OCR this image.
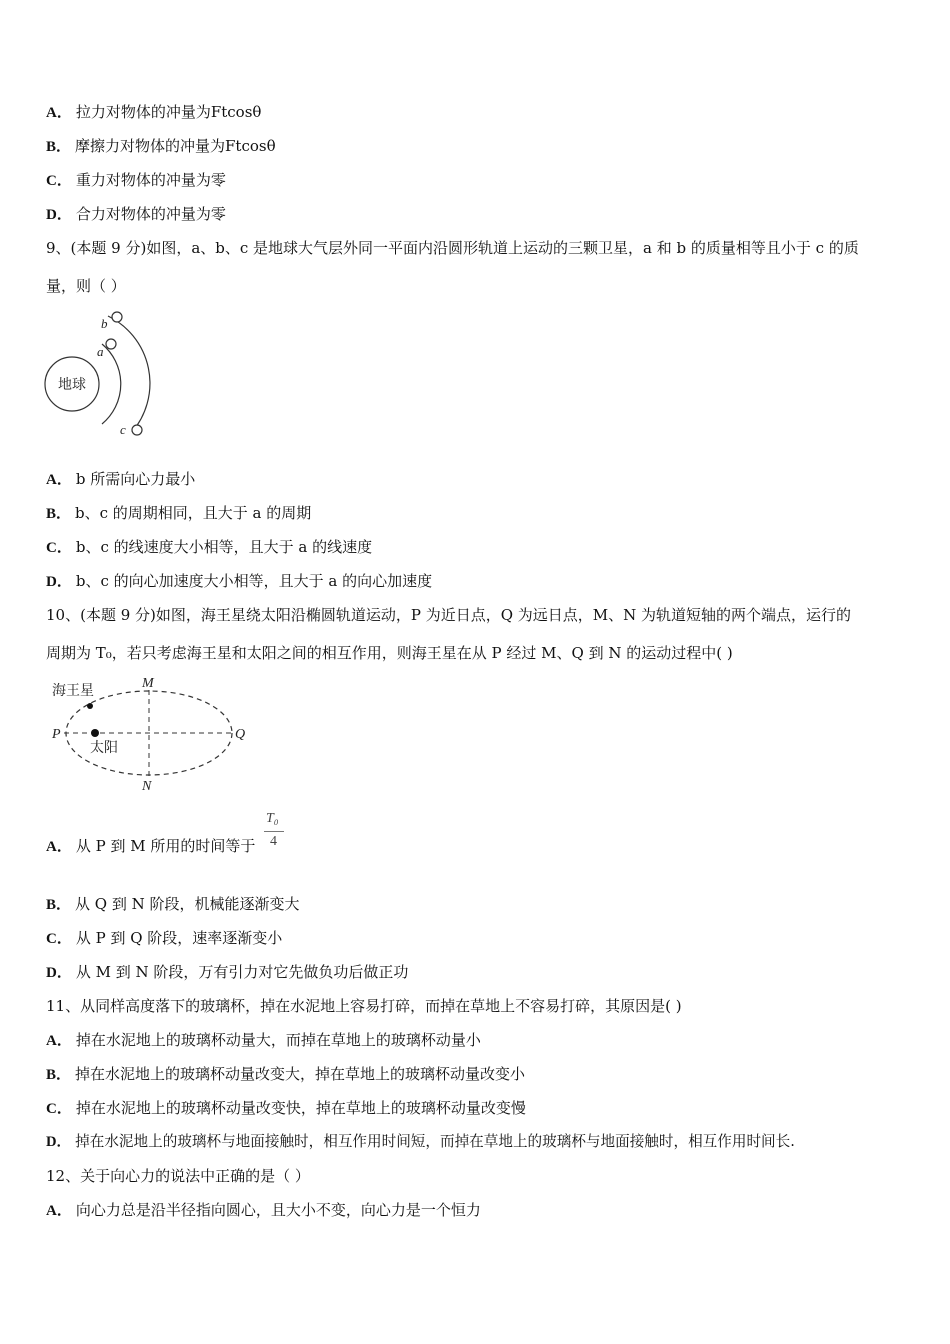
A． 拉力对物体的冲量为Ftcosθ
B． 摩擦力对物体的冲量为Ftcosθ
C． 重力对物体的冲量为零
D． 合力对物体的冲量为零
9、(本题 9 分)如图，a、b、c 是地球大气层外同一平面内沿圆形轨道上运动的三颗卫星，a 和 b 的质量相等且小于 c 的质
量，则（ ）
地球
a
b
c
A． b 所需向心力最小
B． b、c 的周期相同，且大于 a 的周期
C． b、c 的线速度大小相等，且大于 a 的线速度
D． b、c 的向心加速度大小相等，且大于 a 的向心加速度
10、(本题 9 分)如图，海王星绕太阳沿椭圆轨道运动，P 为近日点，Q 为远日点，M、N 为轨道短轴的两个端点，运行的
周期为 T₀，若只考虑海王星和太阳之间的相互作用，则海王星在从 P 经过 M、Q 到 N 的运动过程中( )
海王星
太阳
M
N
P	Q
A． 从 P 到 M 所用的时间等于
T₀
4
B． 从 Q 到 N 阶段，机械能逐渐变大
C． 从 P 到 Q 阶段，速率逐渐变小
D． 从 M 到 N 阶段，万有引力对它先做负功后做正功
11、从同样高度落下的玻璃杯，掉在水泥地上容易打碎，而掉在草地上不容易打碎，其原因是( )
A． 掉在水泥地上的玻璃杯动量大，而掉在草地上的玻璃杯动量小
B． 掉在水泥地上的玻璃杯动量改变大，掉在草地上的玻璃杯动量改变小
C． 掉在水泥地上的玻璃杯动量改变快，掉在草地上的玻璃杯动量改变慢
D． 掉在水泥地上的玻璃杯与地面接触时，相互作用时间短，而掉在草地上的玻璃杯与地面接触时，相互作用时间长.
12、关于向心力的说法中正确的是（ ）
A． 向心力总是沿半径指向圆心，且大小不变，向心力是一个恒力
